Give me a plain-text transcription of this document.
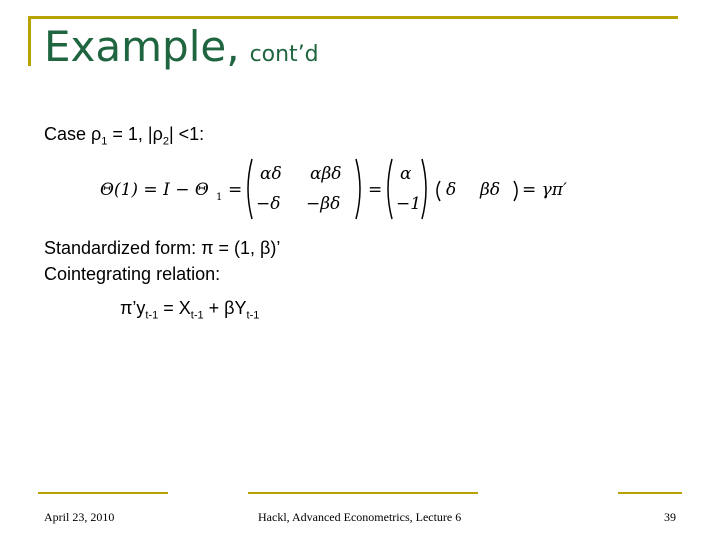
Example, cont’d
Case $\rho_1 = 1$, $|\rho_2| <1$:
Θ(1) = I − Θ 1 =
αδ αβδ
−δ −βδ
=
α
−1
δ βδ = γπ′
Standardized form: π = (1, β)’
Cointegrating relation:
$\pi’y_{t-1} = X_{t-1} + \beta Y_{t-1}$
April 23, 2010	Hackl, Advanced Econometrics, Lecture 6	39
